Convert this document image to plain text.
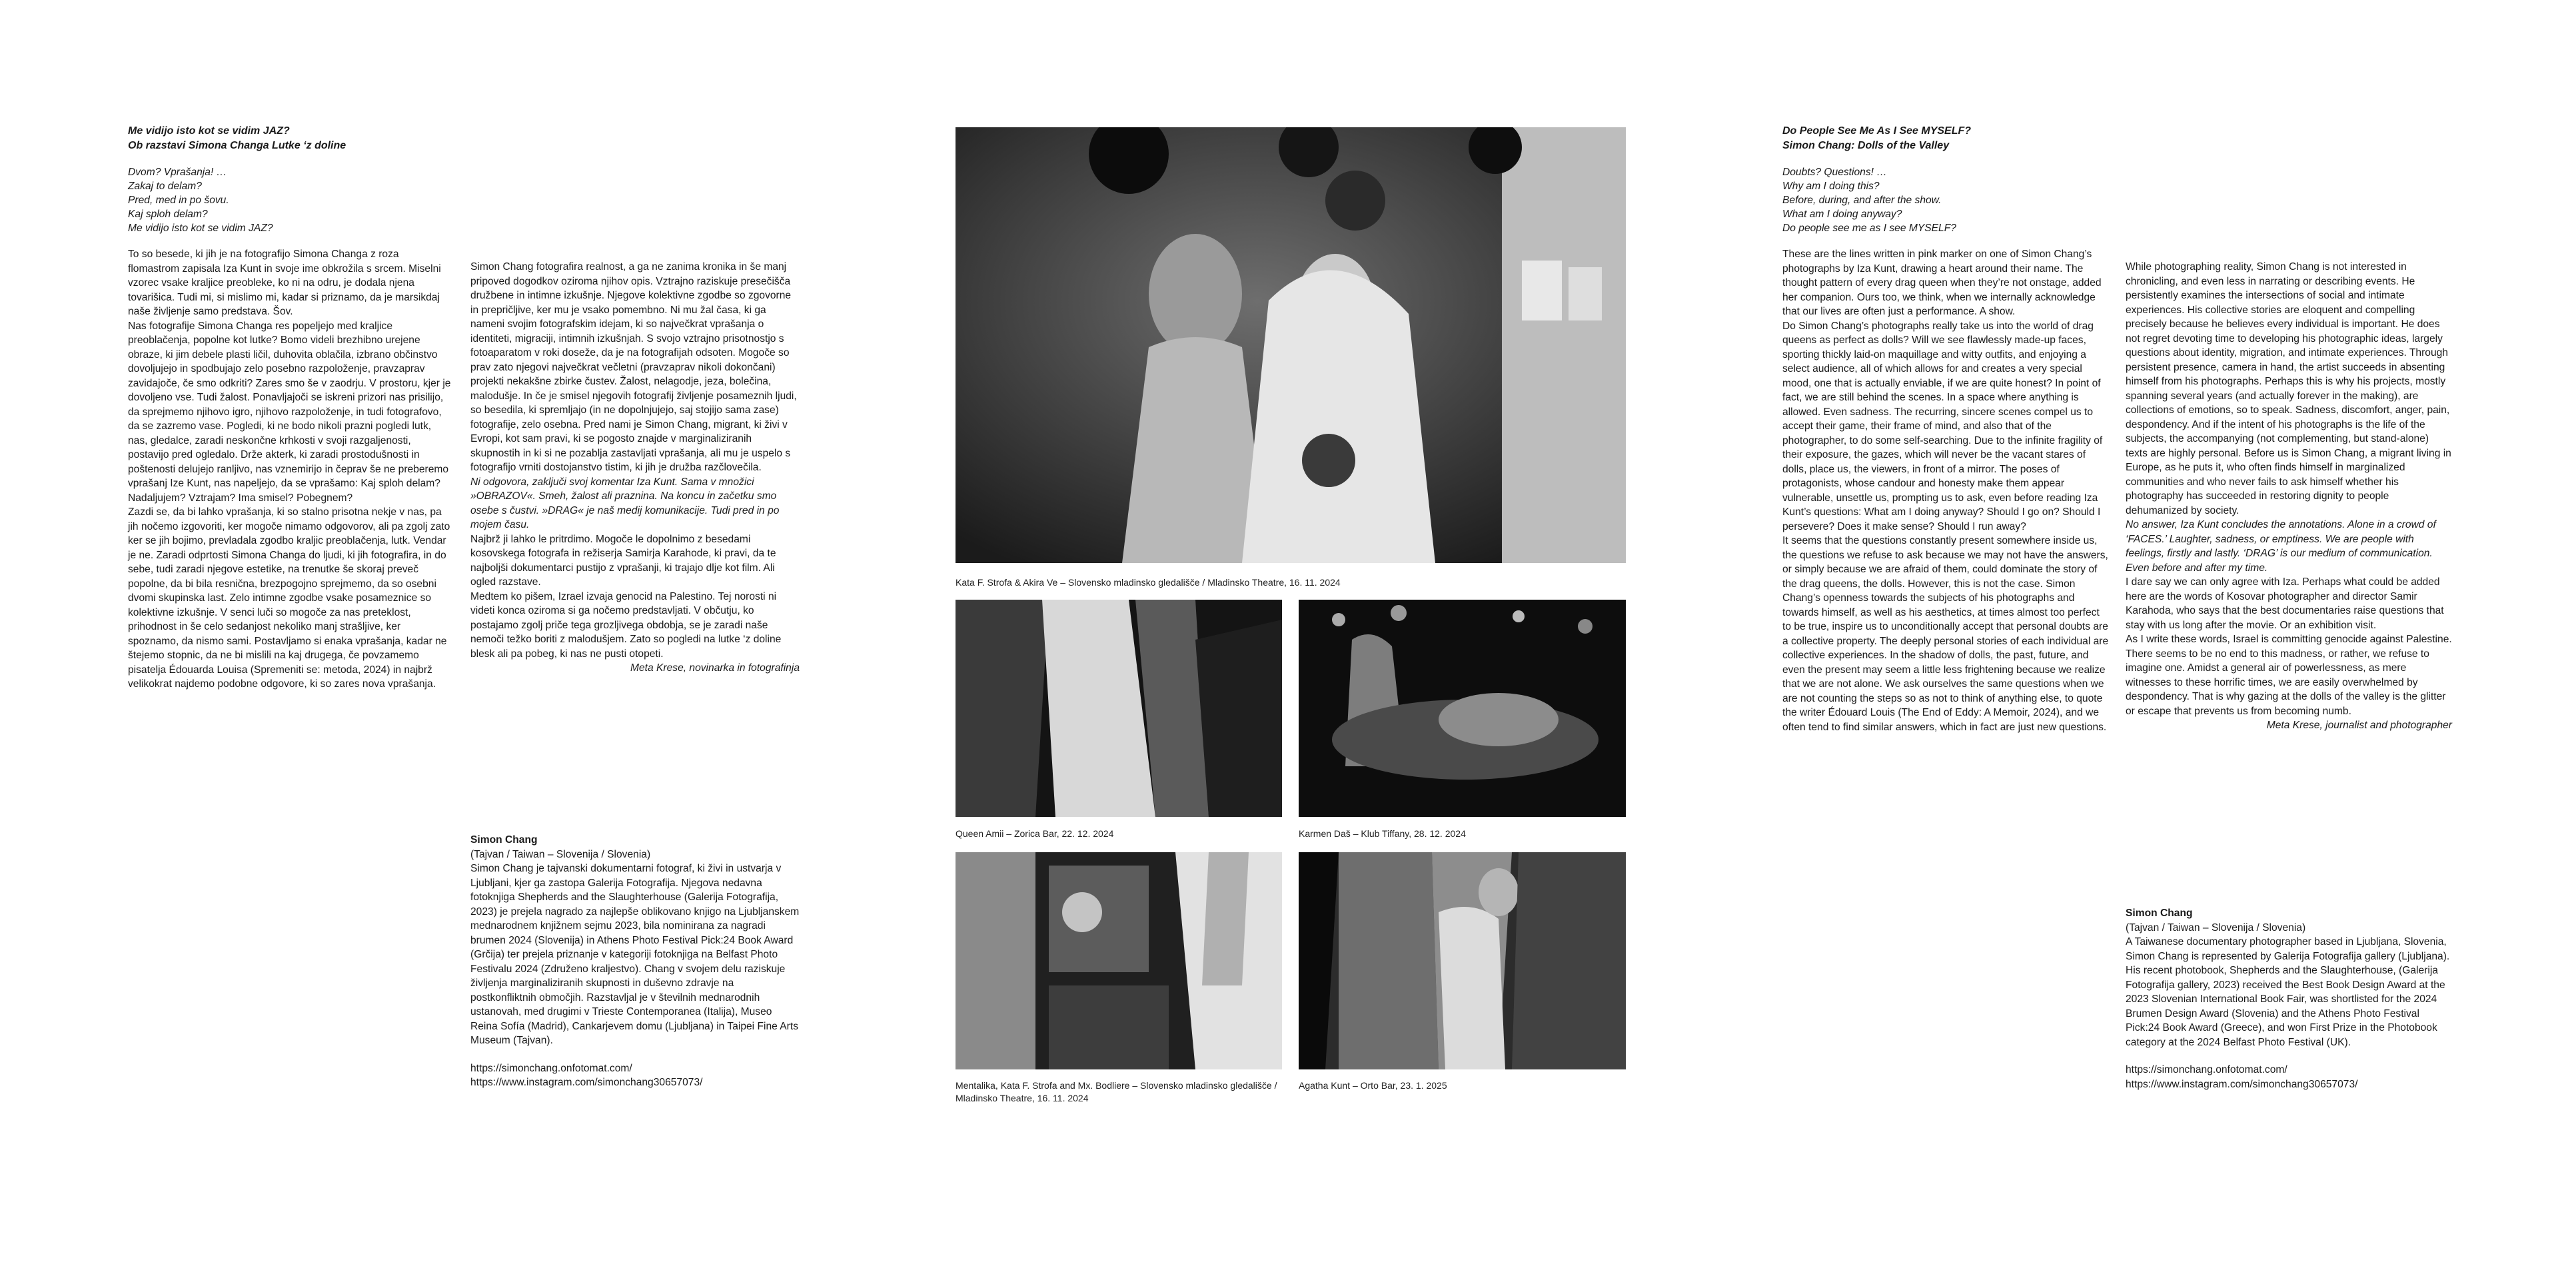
Me vidijo isto kot se vidim JAZ?

Ob razstavi Simona Changa Lutke ‘z doline

Dvom? Vprašanja! …
Zakaj to delam?
Pred, med in po šovu.
Kaj sploh delam?
Me vidijo isto kot se vidim JAZ?

To so besede, ki jih je na fotografijo Simona Changa z roza flomastrom zapisala Iza Kunt in svoje ime obkrožila s srcem. Miselni vzorec vsake kraljice preobleke, ko ni na odru, je dodala njena tovarišica. Tudi mi, si mislimo mi, kadar si priznamo, da je marsikdaj naše življenje samo predstava. Šov.

Nas fotografije Simona Changa res popeljejo med kraljice preoblačenja, popolne kot lutke? Bomo videli brezhibno urejene obraze, ki jim debele plasti ličil, duhovita oblačila, izbrano občinstvo dovoljujejo in spodbujajo zelo posebno razpoloženje, pravzaprav zavidajoče, če smo odkriti? Zares smo še v zaodrju. V prostoru, kjer je dovoljeno vse. Tudi žalost. Ponavljajoči se iskreni prizori nas prisilijo, da sprejmemo njihovo igro, njihovo razpoloženje, in tudi fotografovo, da se zazremo vase. Pogledi, ki ne bodo nikoli prazni pogledi lutk, nas, gledalce, zaradi neskončne krhkosti v svoji razgaljenosti, postavijo pred ogledalo. Drže akterk, ki zaradi prostodušnosti in poštenosti delujejo ranljivo, nas vznemirijo in čeprav še ne preberemo vprašanj Ize Kunt, nas napeljejo, da se vprašamo: Kaj sploh delam? Nadaljujem? Vztrajam? Ima smisel? Pobegnem?

Zazdi se, da bi lahko vprašanja, ki so stalno prisotna nekje v nas, pa jih nočemo izgovoriti, ker mogoče nimamo odgovorov, ali pa zgolj zato ker se jih bojimo, prevladala zgodbo kraljic preoblačenja, lutk. Vendar je ne. Zaradi odprtosti Simona Changa do ljudi, ki jih fotografira, in do sebe, tudi zaradi njegove estetike, na trenutke še skoraj preveč popolne, da bi bila resnična, brezpogojno sprejmemo, da so osebni dvomi skupinska last. Zelo intimne zgodbe vsake posameznice so kolektivne izkušnje. V senci luči so mogoče za nas preteklost, prihodnost in še celo sedanjost nekoliko manj strašljive, ker spoznamo, da nismo sami. Postavljamo si enaka vprašanja, kadar ne štejemo stopnic, da ne bi mislili na kaj drugega, če povzamemo pisatelja Édouarda Louisa (Spremeniti se: metoda, 2024) in najbrž velikokrat najdemo podobne odgovore, ki so zares nova vprašanja.

Simon Chang fotografira realnost, a ga ne zanima kronika in še manj pripoved dogodkov oziroma njihov opis. Vztrajno raziskuje presečišča družbene in intimne izkušnje. Njegove kolektivne zgodbe so zgovorne in prepričljive, ker mu je vsako pomembno. Ni mu žal časa, ki ga nameni svojim fotografskim idejam, ki so največkrat vprašanja o identiteti, migraciji, intimnih izkušnjah. S svojo vztrajno prisotnostjo s fotoaparatom v roki doseže, da je na fotografijah odsoten. Mogoče so prav zato njegovi največkrat večletni (pravzaprav nikoli dokončani) projekti nekakšne zbirke čustev. Žalost, nelagodje, jeza, bolečina, malodušje. In če je smisel njegovih fotografij življenje posameznih ljudi, so besedila, ki spremljajo (in ne dopolnjujejo, saj stojijo sama zase) fotografije, zelo osebna. Pred nami je Simon Chang, migrant, ki živi v Evropi, kot sam pravi, ki se pogosto znajde v marginaliziranih skupnostih in ki si ne pozablja zastavljati vprašanja, ali mu je uspelo s fotografijo vrniti dostojanstvo tistim, ki jih je družba razčlovečila.

Ni odgovora, zaključi svoj komentar Iza Kunt. Sama v množici »OBRAZOV«. Smeh, žalost ali praznina. Na koncu in začetku smo osebe s čustvi. »DRAG« je naš medij komunikacije. Tudi pred in po mojem času.

Najbrž ji lahko le pritrdimo. Mogoče le dopolnimo z besedami kosovskega fotografa in režiserja Samirja Karahode, ki pravi, da te najboljši dokumentarci pustijo z vprašanji, ki trajajo dlje kot film. Ali ogled razstave.

Medtem ko pišem, Izrael izvaja genocid na Palestino. Tej norosti ni videti konca oziroma si ga nočemo predstavljati. V občutju, ko postajamo zgolj priče tega grozljivega obdobja, se je zaradi naše nemoči težko boriti z malodušjem. Zato so pogledi na lutke ‘z doline blesk ali pa pobeg, ki nas ne pusti otopeti.

Meta Krese, novinarka in fotografinja

Simon Chang

(Tajvan / Taiwan – Slovenija / Slovenia)

Simon Chang je tajvanski dokumentarni fotograf, ki živi in ustvarja v Ljubljani, kjer ga zastopa Galerija Fotografija. Njegova nedavna fotoknjiga Shepherds and the Slaughterhouse (Galerija Fotografija, 2023) je prejela nagrado za najlepše oblikovano knjigo na Ljubljanskem mednarodnem knjižnem sejmu 2023, bila nominirana za nagradi brumen 2024 (Slovenija) in Athens Photo Festival Pick:24 Book Award (Grčija) ter prejela priznanje v kategoriji fotoknjiga na Belfast Photo Festivalu 2024 (Združeno kraljestvo). Chang v svojem delu raziskuje življenja marginaliziranih skupnosti in duševno zdravje na postkonfliktnih območjih. Razstavljal je v številnih mednarodnih ustanovah, med drugimi v Trieste Contemporanea (Italija), Museo Reina Sofía (Madrid), Cankarjevem domu (Ljubljana) in Taipei Fine Arts Museum (Tajvan).

https://simonchang.onfotomat.com/
https://www.instagram.com/simonchang30657073/
Kata F. Strofa & Akira Ve – Slovensko mladinsko gledališče / Mladinsko Theatre, 16. 11. 2024
Queen Amii – Zorica Bar, 22. 12. 2024	Karmen Daš – Klub Tiffany, 28. 12. 2024
Mentalika, Kata F. Strofa and Mx. Bodliere – Slovensko mladinsko gledališče / Mladinsko Theatre, 16. 11. 2024
Agatha Kunt – Orto Bar, 23. 1. 2025

Do People See Me As I See MYSELF?

Simon Chang: Dolls of the Valley

Doubts? Questions! …
Why am I doing this?
Before, during, and after the show.
What am I doing anyway?
Do people see me as I see MYSELF?

These are the lines written in pink marker on one of Simon Chang’s photographs by Iza Kunt, drawing a heart around their name. The thought pattern of every drag queen when they’re not onstage, added her companion. Ours too, we think, when we internally acknowledge that our lives are often just a performance. A show.

Do Simon Chang’s photographs really take us into the world of drag queens as perfect as dolls? Will we see flawlessly made-up faces, sporting thickly laid-on maquillage and witty outfits, and enjoying a select audience, all of which allows for and creates a very special mood, one that is actually enviable, if we are quite honest? In point of fact, we are still behind the scenes. In a space where anything is allowed. Even sadness. The recurring, sincere scenes compel us to accept their game, their frame of mind, and also that of the photographer, to do some self-searching. Due to the infinite fragility of their exposure, the gazes, which will never be the vacant stares of dolls, place us, the viewers, in front of a mirror. The poses of protagonists, whose candour and honesty make them appear vulnerable, unsettle us, prompting us to ask, even before reading Iza Kunt’s questions: What am I doing anyway? Should I go on? Should I persevere? Does it make sense? Should I run away?

It seems that the questions constantly present somewhere inside us, the questions we refuse to ask because we may not have the answers, or simply because we are afraid of them, could dominate the story of the drag queens, the dolls. However, this is not the case. Simon Chang’s openness towards the subjects of his photographs and towards himself, as well as his aesthetics, at times almost too perfect to be true, inspire us to unconditionally accept that personal doubts are a collective property. The deeply personal stories of each individual are collective experiences. In the shadow of dolls, the past, future, and even the present may seem a little less frightening because we realize that we are not alone. We ask ourselves the same questions when we are not counting the steps so as not to think of anything else, to quote the writer Édouard Louis (The End of Eddy: A Memoir, 2024), and we often tend to find similar answers, which in fact are just new questions.

While photographing reality, Simon Chang is not interested in chronicling, and even less in narrating or describing events. He persistently examines the intersections of social and intimate experiences. His collective stories are eloquent and compelling precisely because he believes every individual is important. He does not regret devoting time to developing his photographic ideas, largely questions about identity, migration, and intimate experiences. Through persistent presence, camera in hand, the artist succeeds in absenting himself from his photographs. Perhaps this is why his projects, mostly spanning several years (and actually forever in the making), are collections of emotions, so to speak. Sadness, discomfort, anger, pain, despondency. And if the intent of his photographs is the life of the subjects, the accompanying (not complementing, but stand-alone) texts are highly personal. Before us is Simon Chang, a migrant living in Europe, as he puts it, who often finds himself in marginalized communities and who never fails to ask himself whether his photography has succeeded in restoring dignity to people dehumanized by society.

No answer, Iza Kunt concludes the annotations. Alone in a crowd of ‘FACES.’ Laughter, sadness, or emptiness. We are people with feelings, firstly and lastly. ‘DRAG’ is our medium of communication. Even before and after my time.

I dare say we can only agree with Iza. Perhaps what could be added here are the words of Kosovar photographer and director Samir Karahoda, who says that the best documentaries raise questions that stay with us long after the movie. Or an exhibition visit.

As I write these words, Israel is committing genocide against Palestine. There seems to be no end to this madness, or rather, we refuse to imagine one. Amidst a general air of powerlessness, as mere witnesses to these horrific times, we are easily overwhelmed by despondency. That is why gazing at the dolls of the valley is the glitter or escape that prevents us from becoming numb.

Meta Krese, journalist and photographer

Simon Chang

(Tajvan / Taiwan – Slovenija / Slovenia)

A Taiwanese documentary photographer based in Ljubljana, Slovenia, Simon Chang is represented by Galerija Fotografija gallery (Ljubljana). His recent photobook, Shepherds and the Slaughterhouse, (Galerija Fotografija gallery, 2023) received the Best Book Design Award at the 2023 Slovenian International Book Fair, was shortlisted for the 2024 Brumen Design Award (Slovenia) and the Athens Photo Festival Pick:24 Book Award (Greece), and won First Prize in the Photobook category at the 2024 Belfast Photo Festival (UK).

https://simonchang.onfotomat.com/
https://www.instagram.com/simonchang30657073/
